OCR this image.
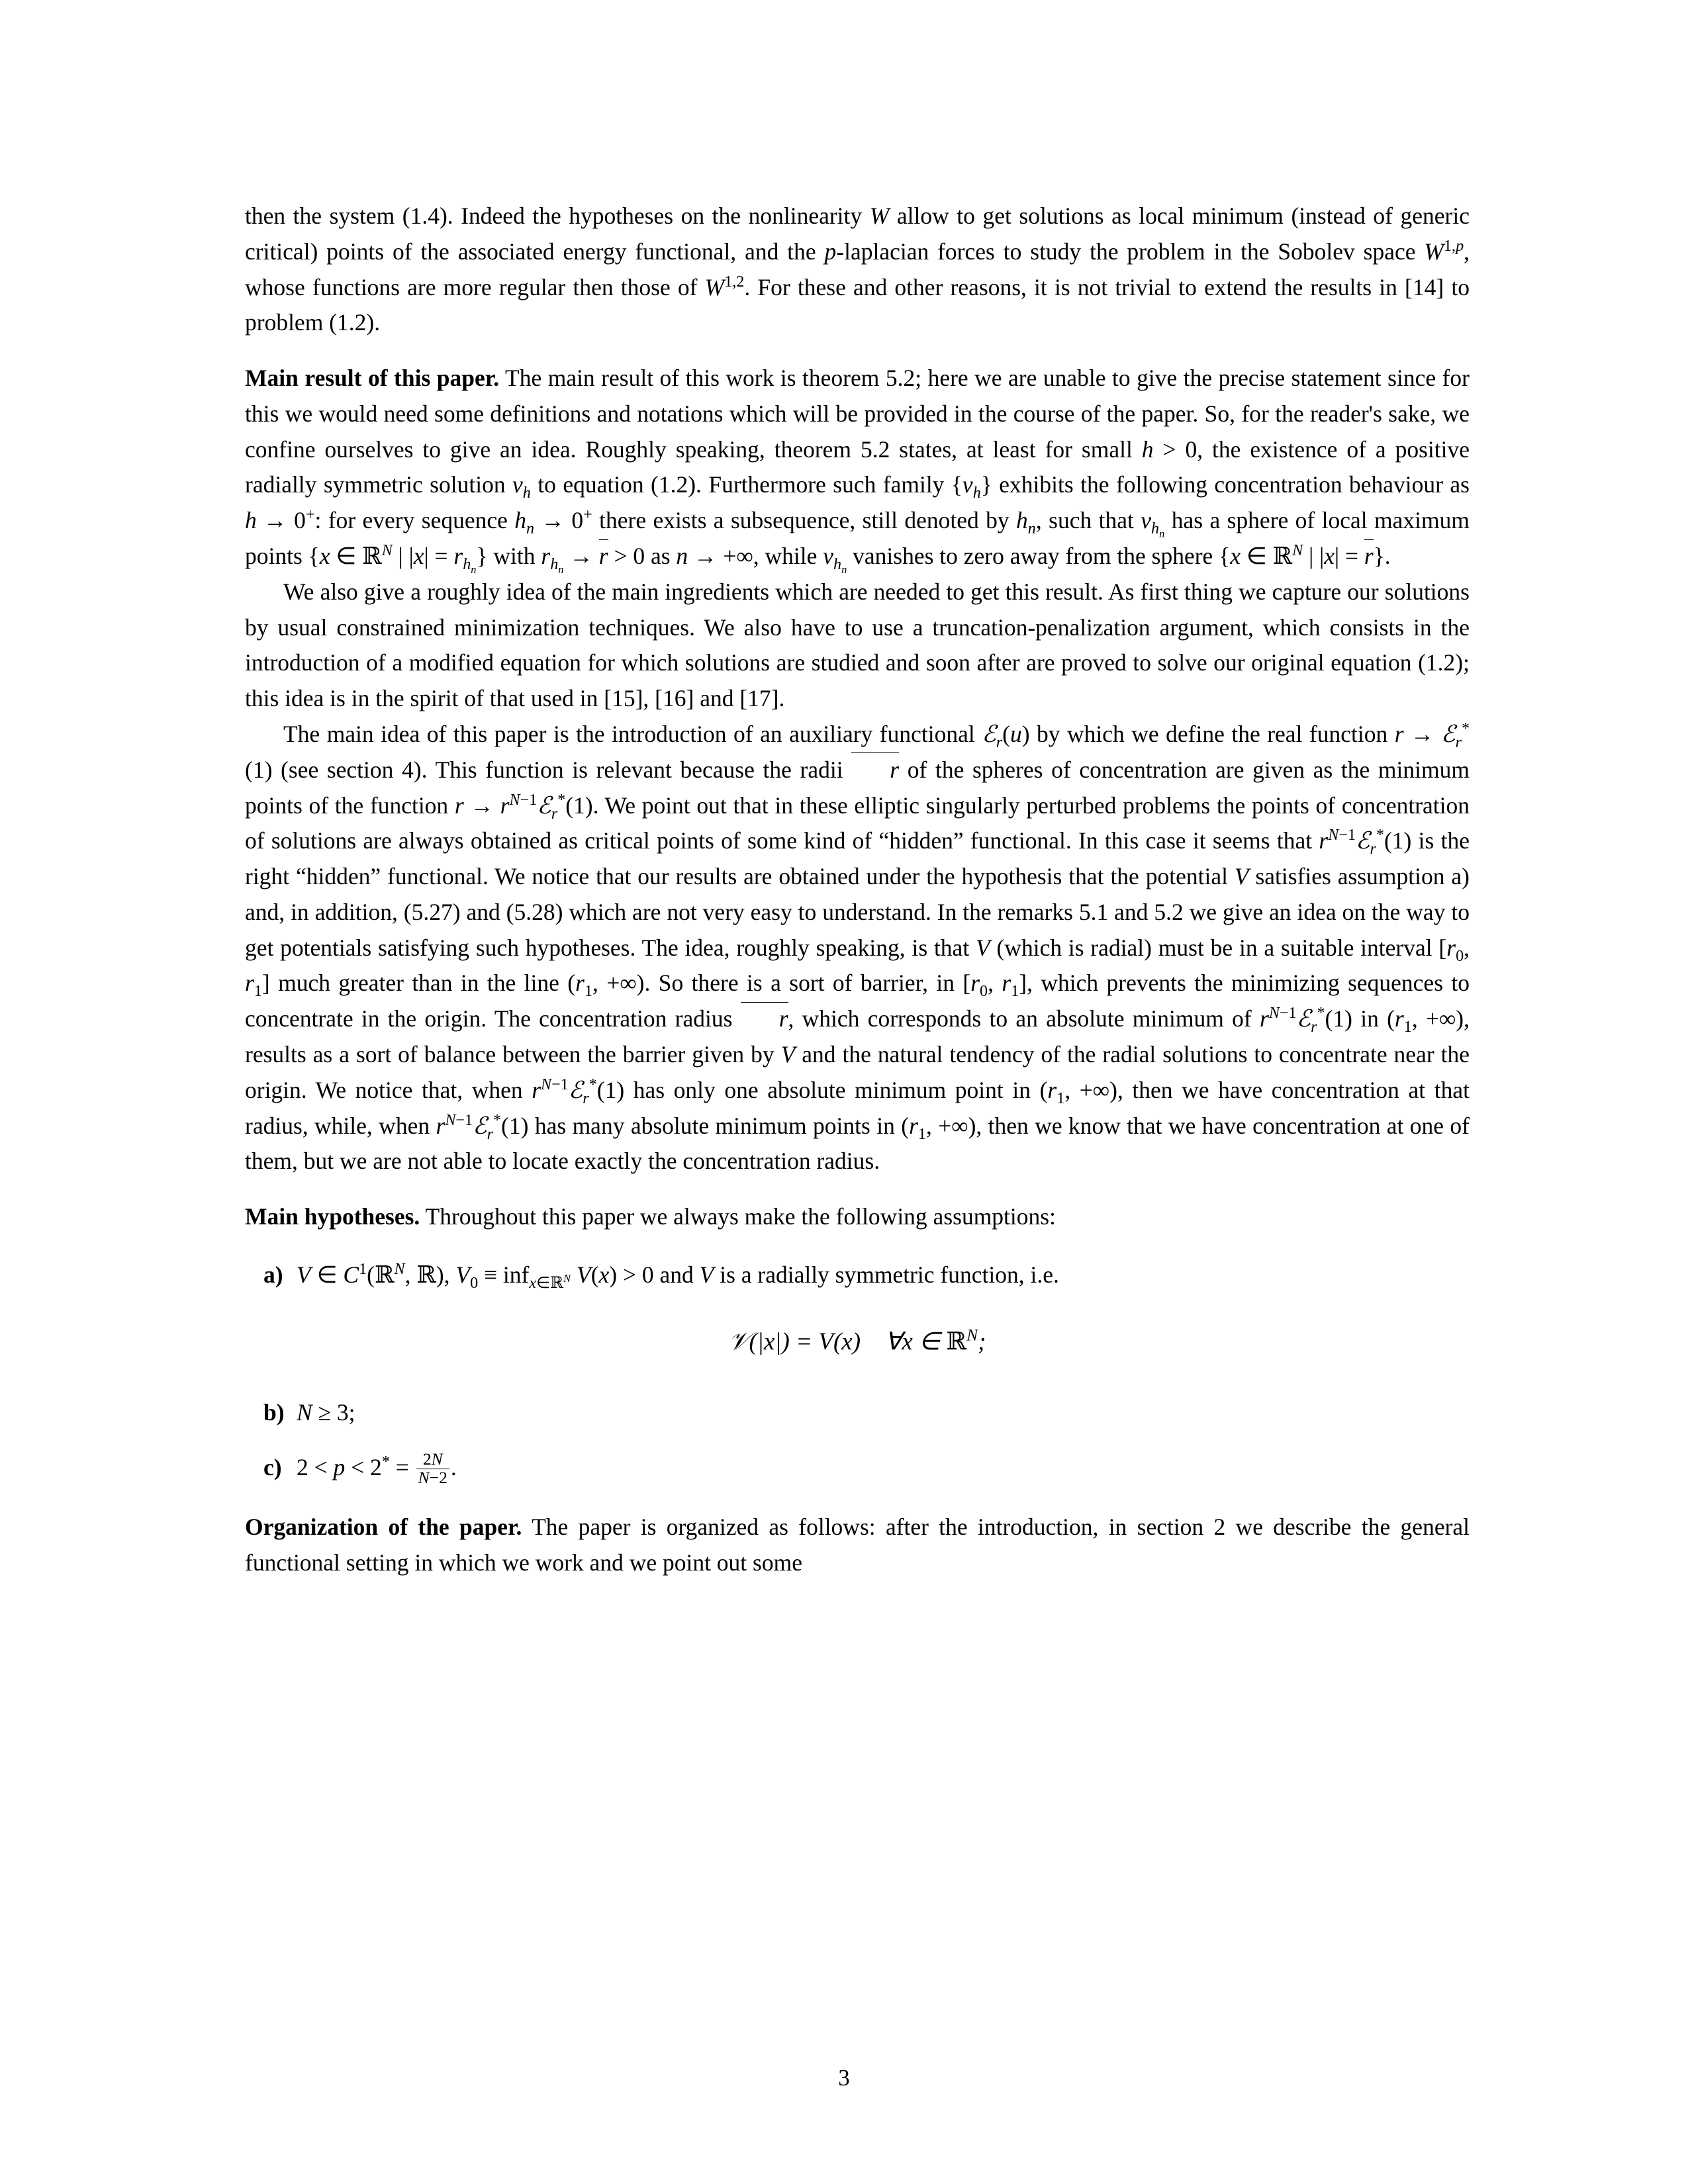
then the system (1.4). Indeed the hypotheses on the nonlinearity W allow to get solutions as local minimum (instead of generic critical) points of the associated energy functional, and the p-laplacian forces to study the problem in the Sobolev space W$^{1,p}$, whose functions are more regular then those of W$^{1,2}$. For these and other reasons, it is not trivial to extend the results in [14] to problem (1.2).

Main result of this paper. The main result of this work is theorem 5.2; here we are unable to give the precise statement since for this we would need some definitions and notations which will be provided in the course of the paper. So, for the reader's sake, we confine ourselves to give an idea. Roughly speaking, theorem 5.2 states, at least for small h > 0, the existence of a positive radially symmetric solution $v_h$ to equation (1.2). Furthermore such family $\{v_h\}$ exhibits the following concentration behaviour as h → 0+: for every sequence $h_n \to 0^+$ there exists a subsequence, still denoted by $h_n$, such that $v_{h_n}$ has a sphere of local maximum points {x ∈ ℝ$^N$ | $|x| = r_{h_n}$} with $r_{h_n} \to r > 0$ as n → +∞, while $v_{h_n}$ vanishes to zero away from the sphere {x ∈ ℝ$^N$ | |x| = r}.

We also give a roughly idea of the main ingredients which are needed to get this result. As first thing we capture our solutions by usual constrained minimization techniques. We also have to use a truncation-penalization argument, which consists in the introduction of a modified equation for which solutions are studied and soon after are proved to solve our original equation (1.2); this idea is in the spirit of that used in [15], [16] and [17].

The main idea of this paper is the introduction of an auxiliary functional ℰ$_r$(u) by which we define the real function r → ℰ$_r$*(1) (see section 4). This function is relevant because the radii r of the spheres of concentration are given as the minimum points of the function $r \to r^{N-1}ℰ_r^*(1)$. We point out that in these elliptic singularly perturbed problems the points of concentration of solutions are always obtained as critical points of some kind of “hidden” functional. In this case it seems that $r^{N-1}ℰ_r^*(1)$ is the right “hidden” functional. We notice that our results are obtained under the hypothesis that the potential V satisfies assumption a) and, in addition, (5.27) and (5.28) which are not very easy to understand. In the remarks 5.1 and 5.2 we give an idea on the way to get potentials satisfying such hypotheses. The idea, roughly speaking, is that V (which is radial) must be in a suitable interval [$r_0$, $r_1$] much greater than in the line ($r_1$, +∞). So there is a sort of barrier, in [$r_0$, $r_1$], which prevents the minimizing sequences to concentrate in the origin. The concentration radius r, which corresponds to an absolute minimum of $r^{N-1}ℰ_r^*(1)$ in ($r_1$, +∞), results as a sort of balance between the barrier given by V and the natural tendency of the radial solutions to concentrate near the origin. We notice that, when $r^{N-1}ℰ_r^*(1)$ has only one absolute minimum point in ($r_1$, +∞), then we have concentration at that radius, while, when $r^{N-1}ℰ_r^*(1)$ has many absolute minimum points in ($r_1$, +∞), then we know that we have concentration at one of them, but we are not able to locate exactly the concentration radius.

Main hypotheses. Throughout this paper we always make the following assumptions:

a) V ∈ $C^1(ℝ^N$, ℝ), $V_0 \equiv inf_{x\in ℝ^N}$ V(x) > 0 and V is a radially symmetric function, i.e.
𝒱(|x|) = V(x)    ∀x ∈ ℝ$^N$;
b) N ≥ 3;
c) $2 < p < 2^* = \frac{2N}{N-2}$ .

Organization of the paper. The paper is organized as follows: after the introduction, in section 2 we describe the general functional setting in which we work and we point out some

3
